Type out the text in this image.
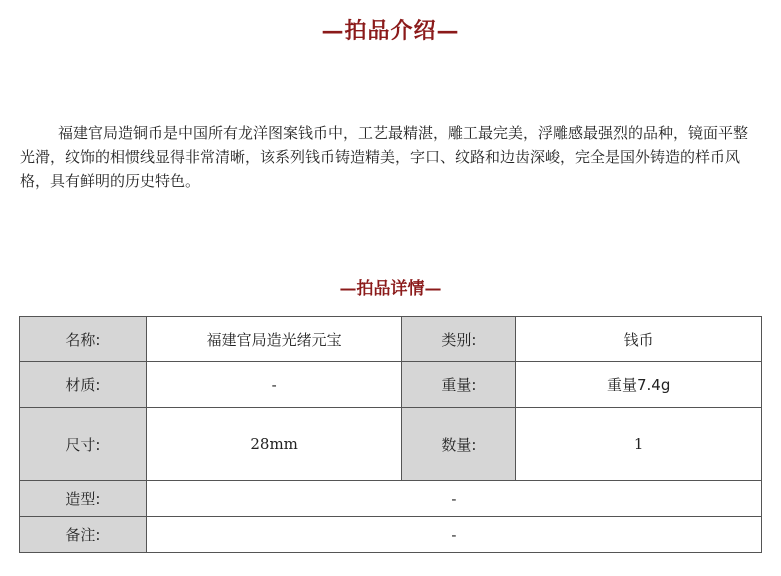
—拍品介绍—

福建官局造铜币是中国所有龙洋图案钱币中，工艺最精湛，雕工最完美，浮雕感最强烈的品种，镜面平整光滑，纹饰的相惯线显得非常清晰，该系列钱币铸造精美，字口、纹路和边齿深峻，完全是国外铸造的样币风格，具有鲜明的历史特色。

—拍品详情—
名称:	福建官局造光绪元宝	类别:	钱币
材质:	-	重量:	重量7.4g
尺寸:	28mm	数量:	1
造型:	-		
备注:	-		
